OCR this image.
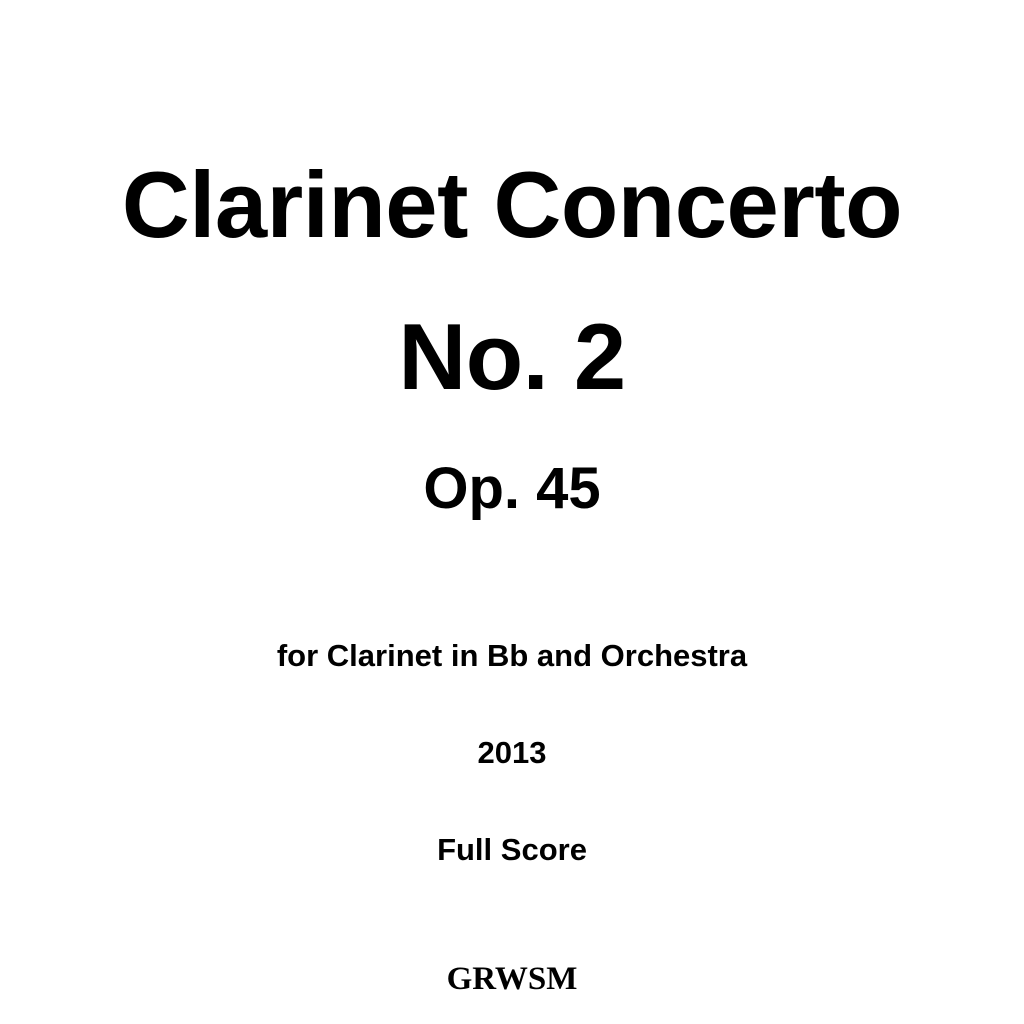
Clarinet Concerto
No. 2
Op. 45
for Clarinet in Bb and Orchestra
2013
Full Score
GRWSM
